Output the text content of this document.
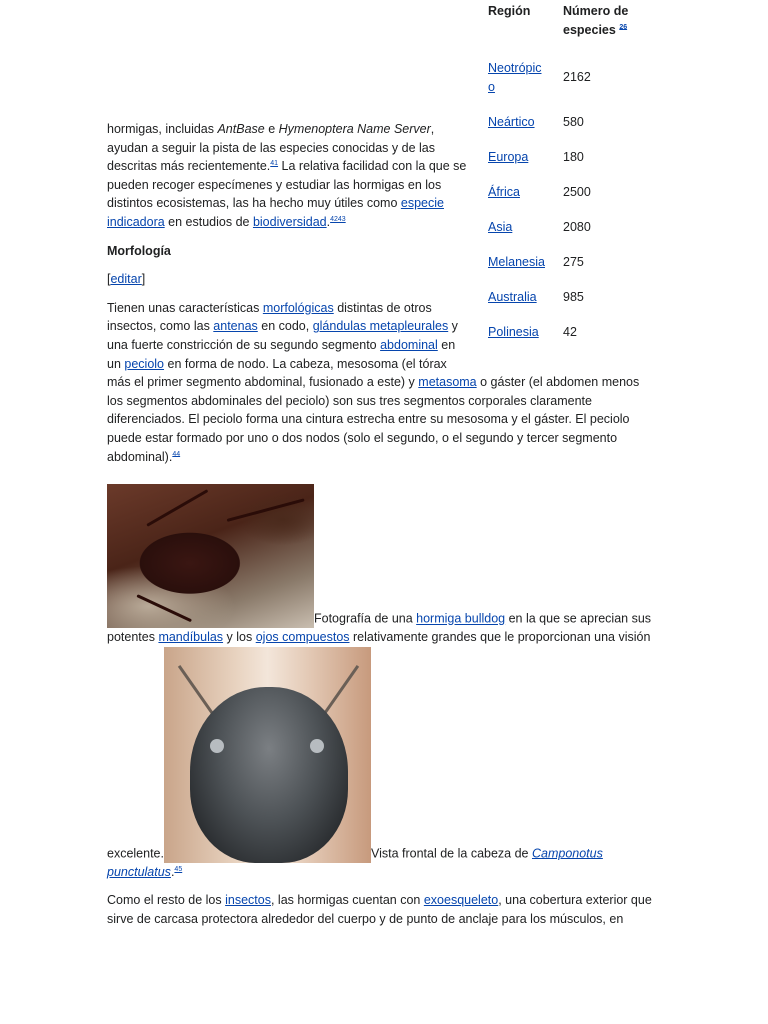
Región	Número de especies $^{26}$

Neotrópico	2162
Neártico	580
Europa	180
África	2500
Asia	2080
Melanesia	275
Australia	985
Polinesia	42

hormigas, incluidas AntBase e Hymenoptera Name Server, ayudan a seguir la pista de las especies conocidas y de las descritas más recientemente.$^{41}$ La relativa facilidad con la que se pueden recoger especímenes y estudiar las hormigas en los distintos ecosistemas, las ha hecho muy útiles como especie indicadora en estudios de biodiversidad.$^{4243}$

Morfología

[editar]

Tienen unas características morfológicas distintas de otros insectos, como las antenas en codo, glándulas metapleurales y una fuerte constricción de su segundo segmento abdominal en un peciolo en forma de nodo. La cabeza, mesosoma (el tórax más el primer segmento abdominal, fusionado a este) y metasoma o gáster (el abdomen menos los segmentos abdominales del peciolo) son sus tres segmentos corporales claramente diferenciados. El peciolo forma una cintura estrecha entre su mesosoma y el gáster. El peciolo puede estar formado por uno o dos nodos (solo el segundo, o el segundo y tercer segmento abdominal).$^{44}$

Fotografía de una hormiga bulldog en la que se aprecian sus potentes mandíbulas y los ojos compuestos relativamente grandes que le proporcionan una visión excelente.	Vista frontal de la cabeza de Camponotus punctulatus.$^{45}$

Como el resto de los insectos, las hormigas cuentan con exoesqueleto, una cobertura exterior que sirve de carcasa protectora alrededor del cuerpo y de punto de anclaje para los músculos, en
